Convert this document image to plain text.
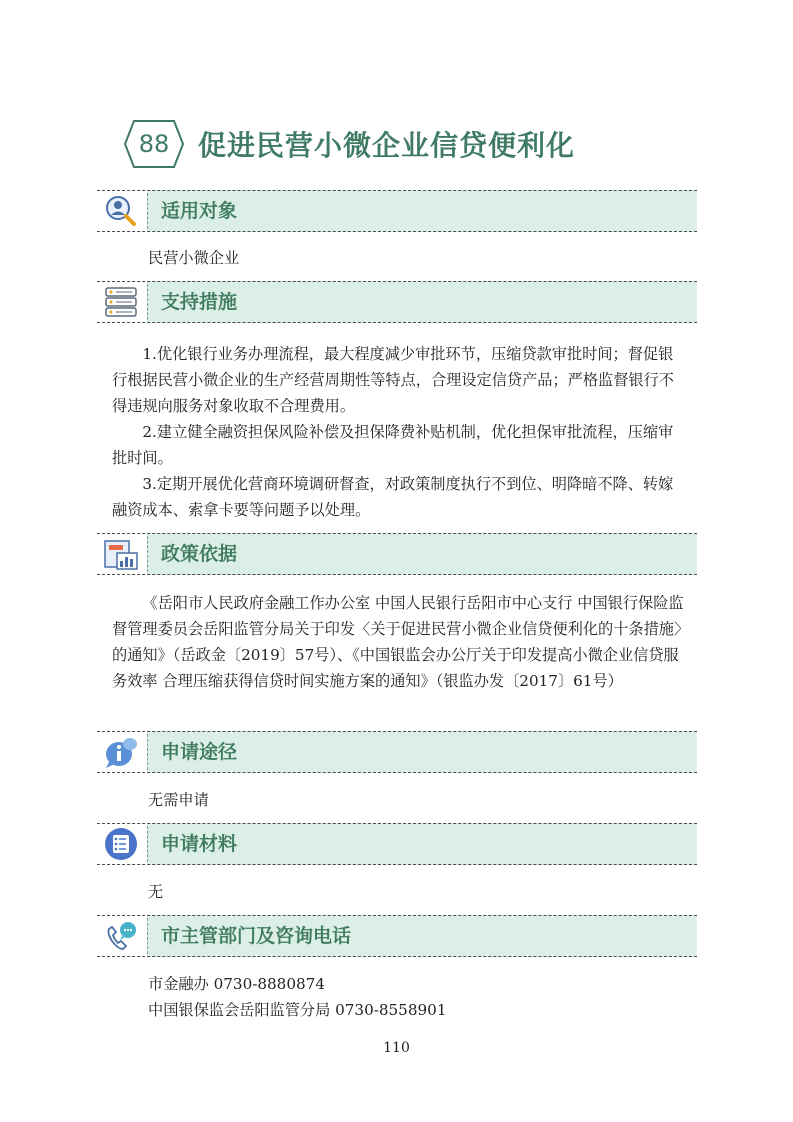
88	促进民营小微企业信贷便利化
适用对象

民营小微企业

支持措施

1.优化银行业务办理流程，最大程度减少审批环节，压缩贷款审批时间；督促银行根据民营小微企业的生产经营周期性等特点，合理设定信贷产品；严格监督银行不得违规向服务对象收取不合理费用。

2.建立健全融资担保风险补偿及担保降费补贴机制，优化担保审批流程，压缩审批时间。

3.定期开展优化营商环境调研督查，对政策制度执行不到位、明降暗不降、转嫁融资成本、索拿卡要等问题予以处理。

政策依据

《岳阳市人民政府金融工作办公室 中国人民银行岳阳市中心支行 中国银行保险监督管理委员会岳阳监管分局关于印发〈关于促进民营小微企业信贷便利化的十条措施〉的通知》（岳政金〔2019〕57号）、《中国银监会办公厅关于印发提高小微企业信贷服务效率 合理压缩获得信贷时间实施方案的通知》（银监办发〔2017〕61号）

申请途径

无需申请

申请材料

无

市主管部门及咨询电话

市金融办 0730-8880874

中国银保监会岳阳监管分局 0730-8558901

110
